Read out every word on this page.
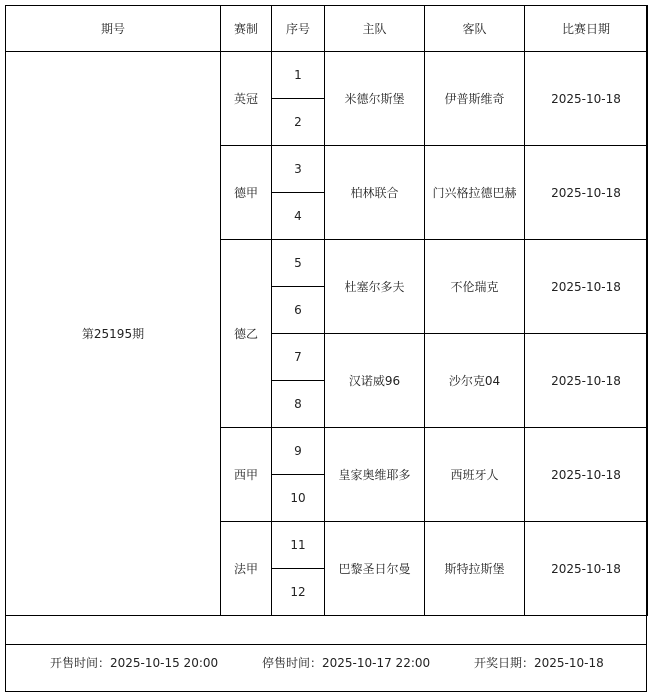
期号	赛制	序号	主队	客队	比赛日期
第25195期	英冠	1	米德尔斯堡	伊普斯维奇	2025-10-18
		2			
	德甲	3	柏林联合	门兴格拉德巴赫	2025-10-18
		4			
	德乙	5	杜塞尔多夫	不伦瑞克	2025-10-18
		6			
		7	汉诺威96	沙尔克04	2025-10-18
		8			
	西甲	9	皇家奥维耶多	西班牙人	2025-10-18
		10			
	法甲	11	巴黎圣日尔曼	斯特拉斯堡	2025-10-18
		12			
开售时间：2025-10-15 20:00	停售时间：2025-10-17 22:00	开奖日期：2025-10-18
